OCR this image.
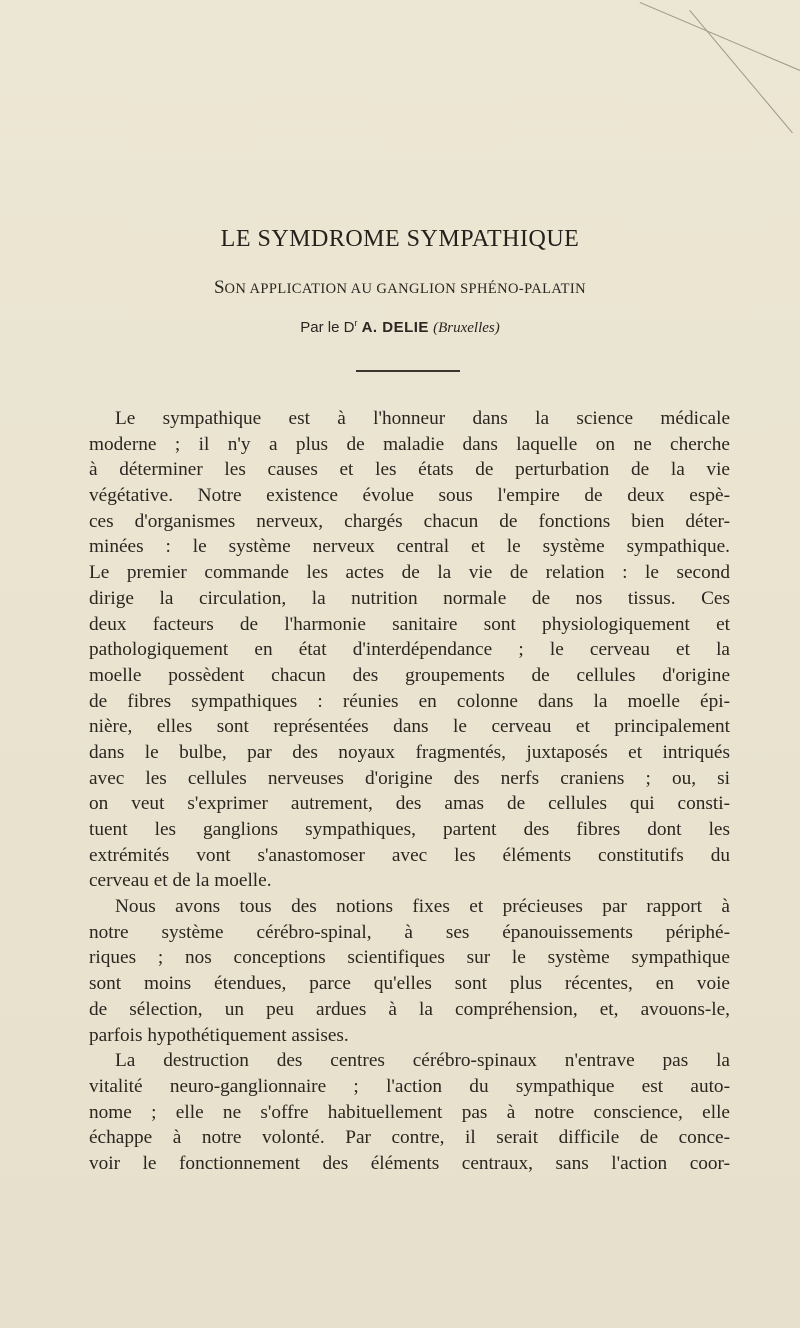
LE SYMDROME SYMPATHIQUE
SON APPLICATION AU GANGLION SPHÉNO-PALATIN
Par le $D^r$ A. DELIE (Bruxelles)
Le sympathique est à l'honneur dans la science médicale
moderne ; il n'y a plus de maladie dans laquelle on ne cherche
à déterminer les causes et les états de perturbation de la vie
végétative. Notre existence évolue sous l'empire de deux espè-
ces d'organismes nerveux, chargés chacun de fonctions bien déter-
minées : le système nerveux central et le système sympathique.
Le premier commande les actes de la vie de relation : le second
dirige la circulation, la nutrition normale de nos tissus. Ces
deux facteurs de l'harmonie sanitaire sont physiologiquement et
pathologiquement en état d'interdépendance ; le cerveau et la
moelle possèdent chacun des groupements de cellules d'origine
de fibres sympathiques : réunies en colonne dans la moelle épi-
nière, elles sont représentées dans le cerveau et principalement
dans le bulbe, par des noyaux fragmentés, juxtaposés et intriqués
avec les cellules nerveuses d'origine des nerfs craniens ; ou, si
on veut s'exprimer autrement, des amas de cellules qui consti-
tuent les ganglions sympathiques, partent des fibres dont les
extrémités vont s'anastomoser avec les éléments constitutifs du
cerveau et de la moelle.
Nous avons tous des notions fixes et précieuses par rapport à
notre système cérébro-spinal, à ses épanouissements périphé-
riques ; nos conceptions scientifiques sur le système sympathique
sont moins étendues, parce qu'elles sont plus récentes, en voie
de sélection, un peu ardues à la compréhension, et, avouons-le,
parfois hypothétiquement assises.
La destruction des centres cérébro-spinaux n'entrave pas la
vitalité neuro-ganglionnaire ; l'action du sympathique est auto-
nome ; elle ne s'offre habituellement pas à notre conscience, elle
échappe à notre volonté. Par contre, il serait difficile de conce-
voir le fonctionnement des éléments centraux, sans l'action coor-
